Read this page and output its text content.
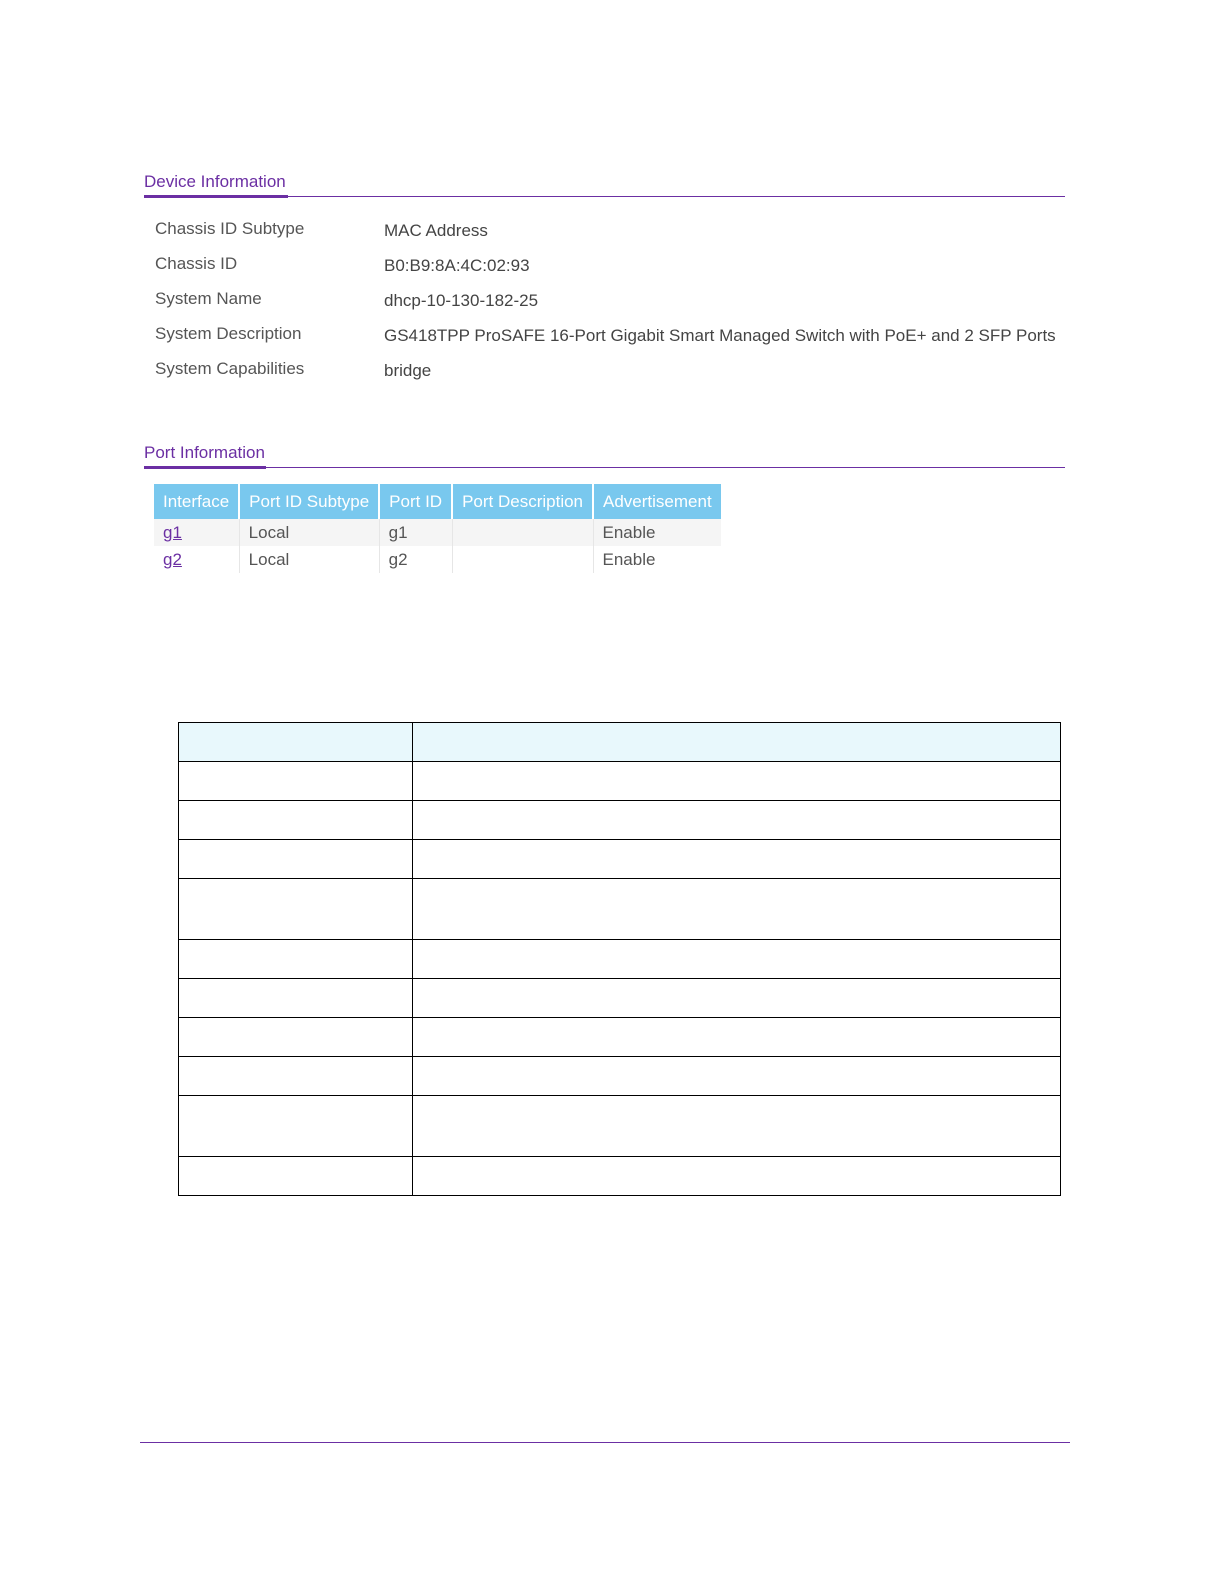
Device Information
Chassis ID Subtype	MAC Address
Chassis ID	B0:B9:8A:4C:02:93
System Name	dhcp-10-130-182-25
System Description	GS418TPP ProSAFE 16-Port Gigabit Smart Managed Switch with PoE+ and 2 SFP Ports
System Capabilities	bridge
Port Information
Interface	Port ID Subtype	Port ID	Port Description	Advertisement
g1	Local	g1		Enable
g2	Local	g2		Enable
